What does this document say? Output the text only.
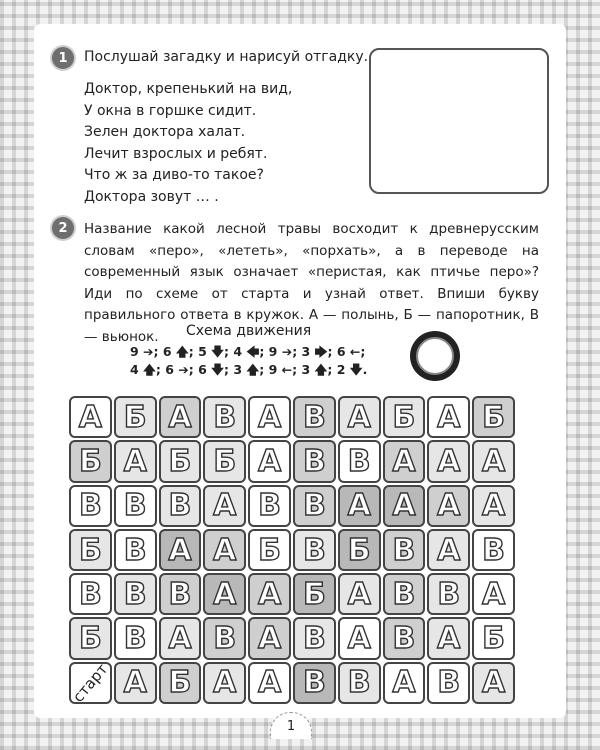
1	Послушай загадку и нарисуй отгадку.
Доктор, крепенький на вид,
У окна в горшке сидит.
Зелен доктора халат.
Лечит взрослых и ребят.
Что ж за диво-то такое?
Доктора зовут … .
2	Название какой лесной травы восходит к древнерусским словам «перо», «лететь», «порхать», а в переводе на современный язык означает «перистая, как птичье перо»? Иди по схеме от старта и узнай ответ. Впиши букву правильного ответа в кружок. А — полынь, Б — папоротник, В — вьюнок.	Схема движения
9 ➔; 6 🡅; 5 🡇; 4 🡄; 9 ➔; 3 🡆; 6 ←;
4 🡅; 6 ➔; 6 🡇; 3 🡅; 9 ←; 3 🡅; 2 🡇.
А Б А В А В А Б А Б
Б А Б Б А В В А А А
В В В А В В А А А А
Б В А А Б В Б В А В
В В В А А Б А В В А
Б В А В А В А В А Б
старт А Б А А В В А В А
1
